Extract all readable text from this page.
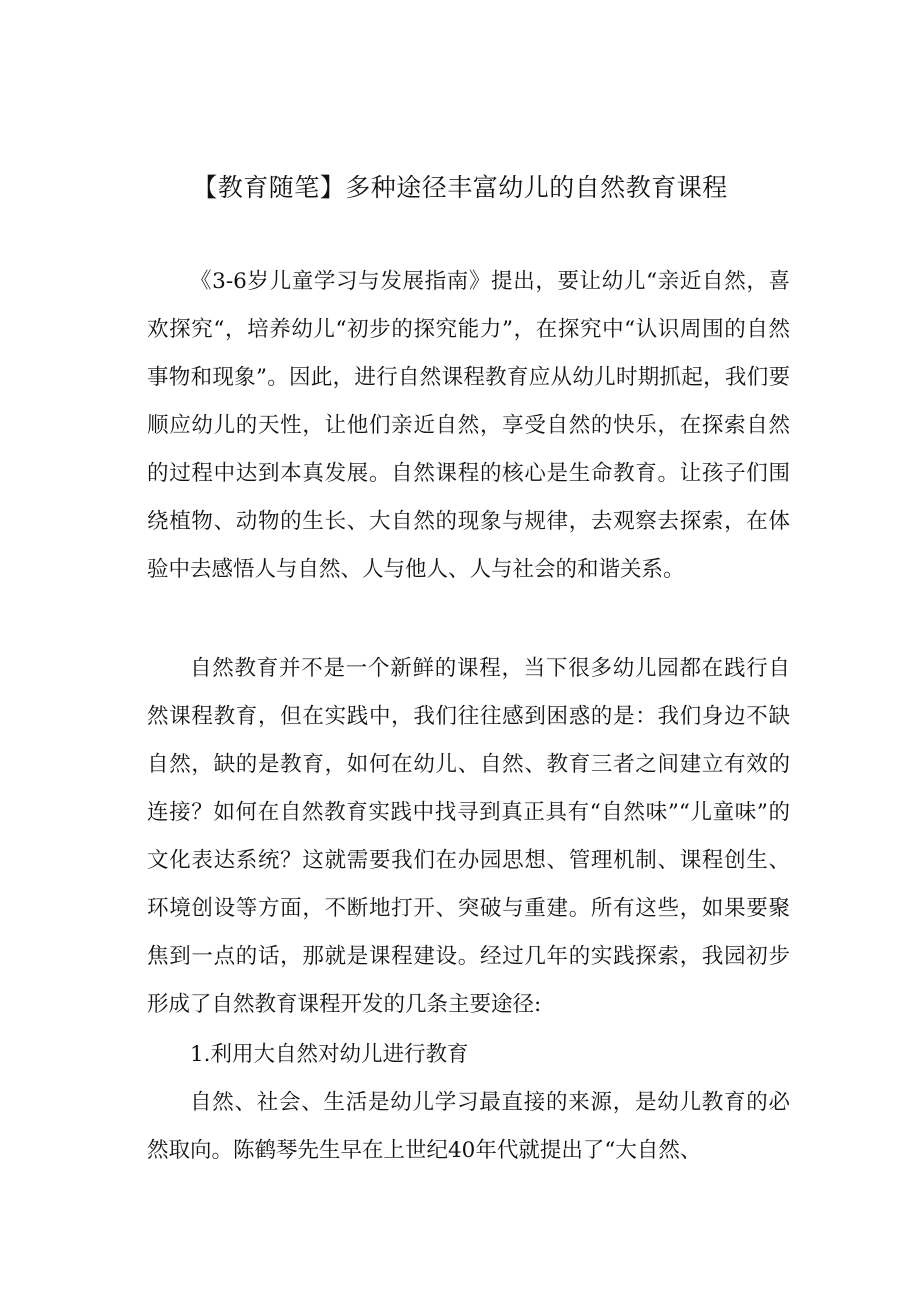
【教育随笔】多种途径丰富幼儿的自然教育课程

《3-6岁儿童学习与发展指南》提出，要让幼儿“亲近自然，喜欢探究“，培养幼儿“初步的探究能力”，在探究中“认识周围的自然事物和现象”。因此，进行自然课程教育应从幼儿时期抓起，我们要顺应幼儿的天性，让他们亲近自然，享受自然的快乐，在探索自然的过程中达到本真发展。自然课程的核心是生命教育。让孩子们围绕植物、动物的生长、大自然的现象与规律，去观察去探索，在体验中去感悟人与自然、人与他人、人与社会的和谐关系。

自然教育并不是一个新鲜的课程，当下很多幼儿园都在践行自然课程教育，但在实践中，我们往往感到困惑的是：我们身边不缺自然，缺的是教育，如何在幼儿、自然、教育三者之间建立有效的连接？如何在自然教育实践中找寻到真正具有“自然味”“儿童味”的文化表达系统？这就需要我们在办园思想、管理机制、课程创生、环境创设等方面，不断地打开、突破与重建。所有这些，如果要聚焦到一点的话，那就是课程建设。经过几年的实践探索，我园初步形成了自然教育课程开发的几条主要途径:

1.利用大自然对幼儿进行教育

自然、社会、生活是幼儿学习最直接的来源，是幼儿教育的必然取向。陈鹤琴先生早在上世纪40年代就提出了“大自然、
